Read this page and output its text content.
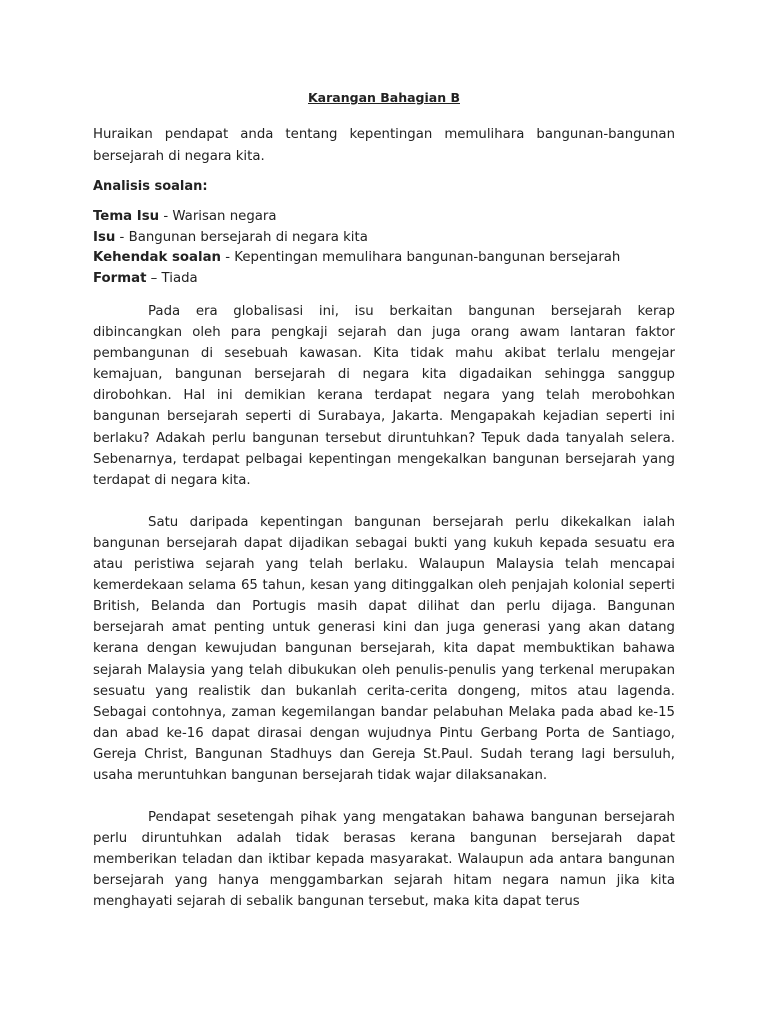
Karangan Bahagian B

Huraikan pendapat anda tentang kepentingan memulihara bangunan-bangunan bersejarah di negara kita.

Analisis soalan:

Tema Isu - Warisan negara

Isu - Bangunan bersejarah di negara kita

Kehendak soalan - Kepentingan memulihara bangunan-bangunan bersejarah

Format – Tiada

Pada era globalisasi ini, isu berkaitan bangunan bersejarah kerap dibincangkan oleh para pengkaji sejarah dan juga orang awam lantaran faktor pembangunan di sesebuah kawasan. Kita tidak mahu akibat terlalu mengejar kemajuan, bangunan bersejarah di negara kita digadaikan sehingga sanggup dirobohkan. Hal ini demikian kerana terdapat negara yang telah merobohkan bangunan bersejarah seperti di Surabaya, Jakarta. Mengapakah kejadian seperti ini berlaku? Adakah perlu bangunan tersebut diruntuhkan? Tepuk dada tanyalah selera. Sebenarnya, terdapat pelbagai kepentingan mengekalkan bangunan bersejarah yang terdapat di negara kita.

Satu daripada kepentingan bangunan bersejarah perlu dikekalkan ialah bangunan bersejarah dapat dijadikan sebagai bukti yang kukuh kepada sesuatu era atau peristiwa sejarah yang telah berlaku. Walaupun Malaysia telah mencapai kemerdekaan selama 65 tahun, kesan yang ditinggalkan oleh penjajah kolonial seperti British, Belanda dan Portugis masih dapat dilihat dan perlu dijaga. Bangunan bersejarah amat penting untuk generasi kini dan juga generasi yang akan datang kerana dengan kewujudan bangunan bersejarah, kita dapat membuktikan bahawa sejarah Malaysia yang telah dibukukan oleh penulis-penulis yang terkenal merupakan sesuatu yang realistik dan bukanlah cerita-cerita dongeng, mitos atau lagenda. Sebagai contohnya, zaman kegemilangan bandar pelabuhan Melaka pada abad ke-15 dan abad ke-16 dapat dirasai dengan wujudnya Pintu Gerbang Porta de Santiago, Gereja Christ, Bangunan Stadhuys dan Gereja St.Paul. Sudah terang lagi bersuluh, usaha meruntuhkan bangunan bersejarah tidak wajar dilaksanakan.

Pendapat sesetengah pihak yang mengatakan bahawa bangunan bersejarah perlu diruntuhkan adalah tidak berasas kerana bangunan bersejarah dapat memberikan teladan dan iktibar kepada masyarakat. Walaupun ada antara bangunan bersejarah yang hanya menggambarkan sejarah hitam negara namun jika kita menghayati sejarah di sebalik bangunan tersebut, maka kita dapat terus
